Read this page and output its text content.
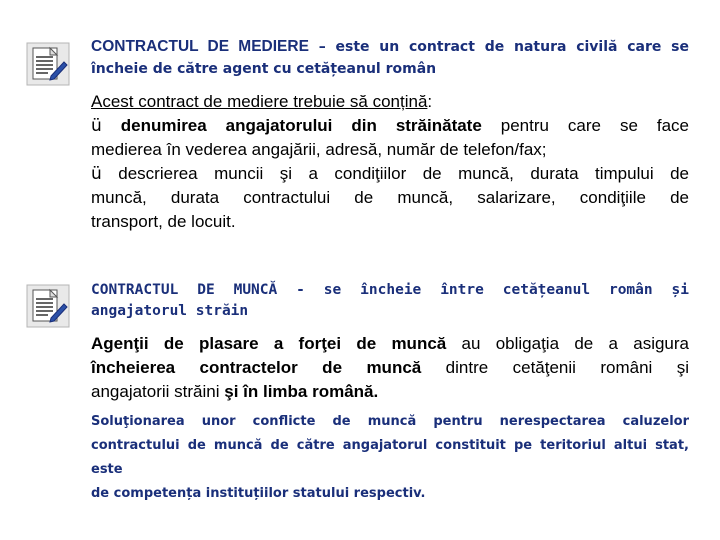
CONTRACTUL DE MEDIERE – este un contract de natura civilă care se
încheie de către agent cu cetățeanul român
Acest contract de mediere trebuie să conțină:
ü denumirea angajatorului din străinătate pentru care se face
medierea în vederea angajării, adresă, număr de telefon/fax;
ü descrierea muncii şi a condiţiilor de muncă, durata timpului de
muncă, durata contractului de muncă, salarizare, condiţiile de
transport, de locuit.
CONTRACTUL DE MUNCĂ - se încheie între cetățeanul român și
angajatorul străin
Agenţii de plasare a forţei de muncă au obligaţia de a asigura
încheierea contractelor de muncă dintre cetăţenii români şi
angajatorii străini şi în limba română.
Soluţionarea unor conflicte de muncă pentru nerespectarea caluzelor
contractului de muncă de către angajatorul constituit pe teritoriul altui stat, este
de competența instituțiilor statului respectiv.
